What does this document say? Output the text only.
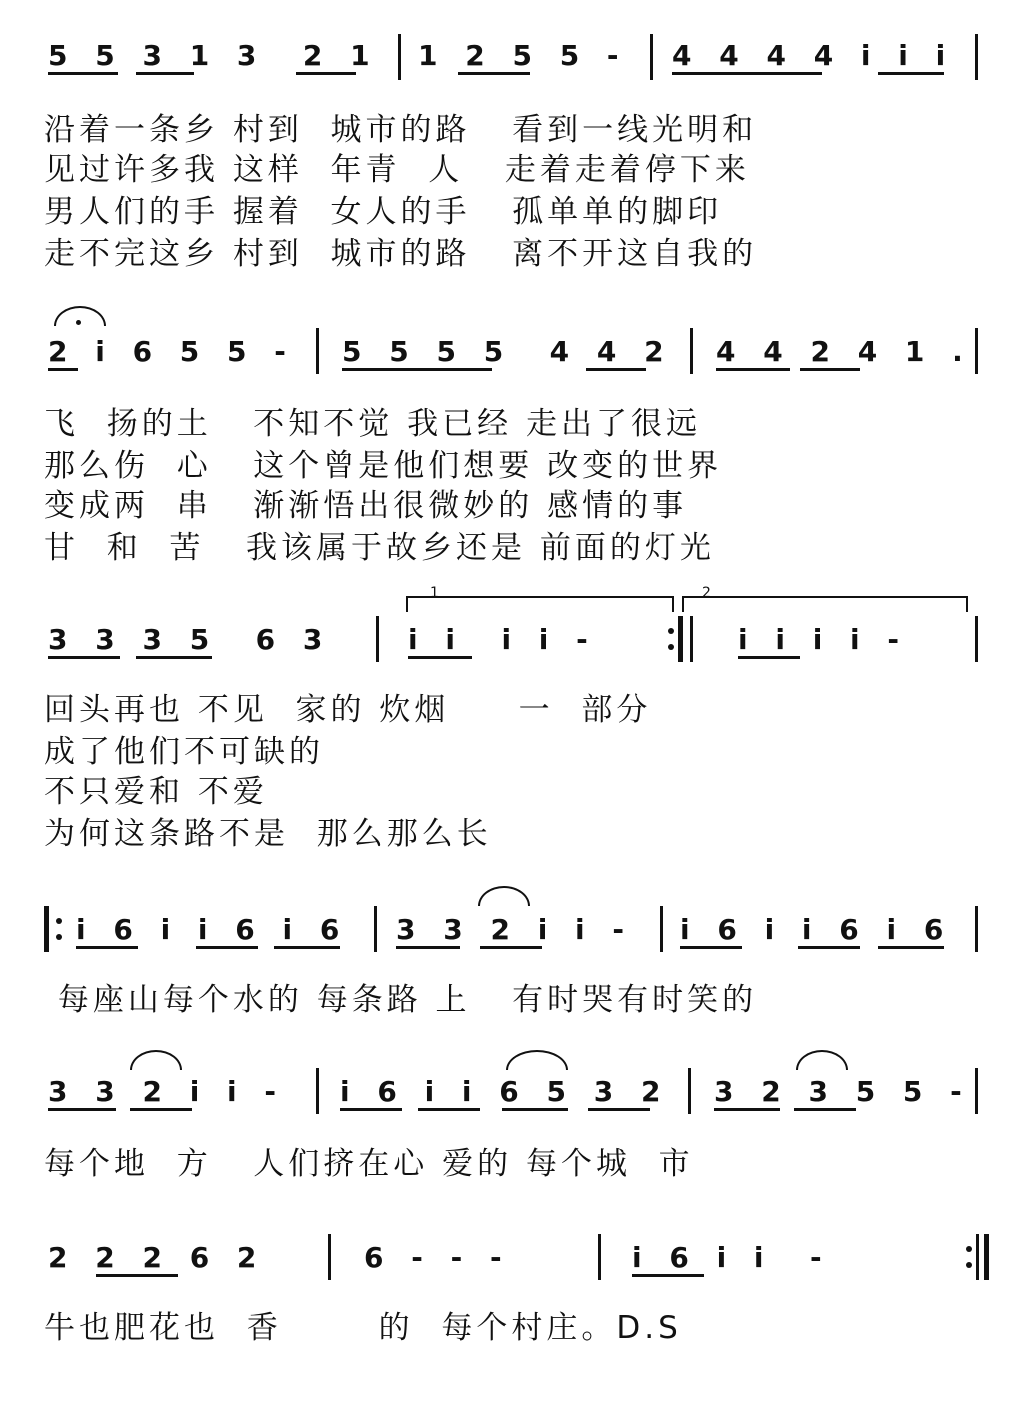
5 5 3 1 3  2 1 1 2 5 5 - 4 4 4 4 i i i
沿着一条乡 村到  城市的路   看到一线光明和
见过许多我 这样  年青  人   走着走着停下来
男人们的手 握着  女人的手   孤单单的脚印
走不完这乡 村到  城市的路   离不开这自我的
2 i 6 5 5 - 5 5 5 5  4 4 2 4 4 2 4 1 .
飞  扬的土   不知不觉 我已经 走出了很远
那么伤  心   这个曾是他们想要 改变的世界
变成两  串   渐渐悟出很微妙的 感情的事
甘  和  苦   我该属于故乡还是 前面的灯光
1	2
3 3 3 5  6 3	i i  i i -	i i i i -
回头再也 不见  家的 炊烟     一  部分
成了他们不可缺的
不只爱和 不爱
为何这条路不是  那么那么长
i 6 i i 6 i 6 3 3 2 i i - i 6 i i 6 i 6
每座山每个水的 每条路 上   有时哭有时笑的
3 3 2 i i - i 6 i i 6 5 3 2 3 2 3 5 5 -
每个地  方   人们挤在心 爱的 每个城  市
2 2 2 6 2	6 - - -	i 6 i i  -
牛也肥花也  香       的  每个村庄。D.S
